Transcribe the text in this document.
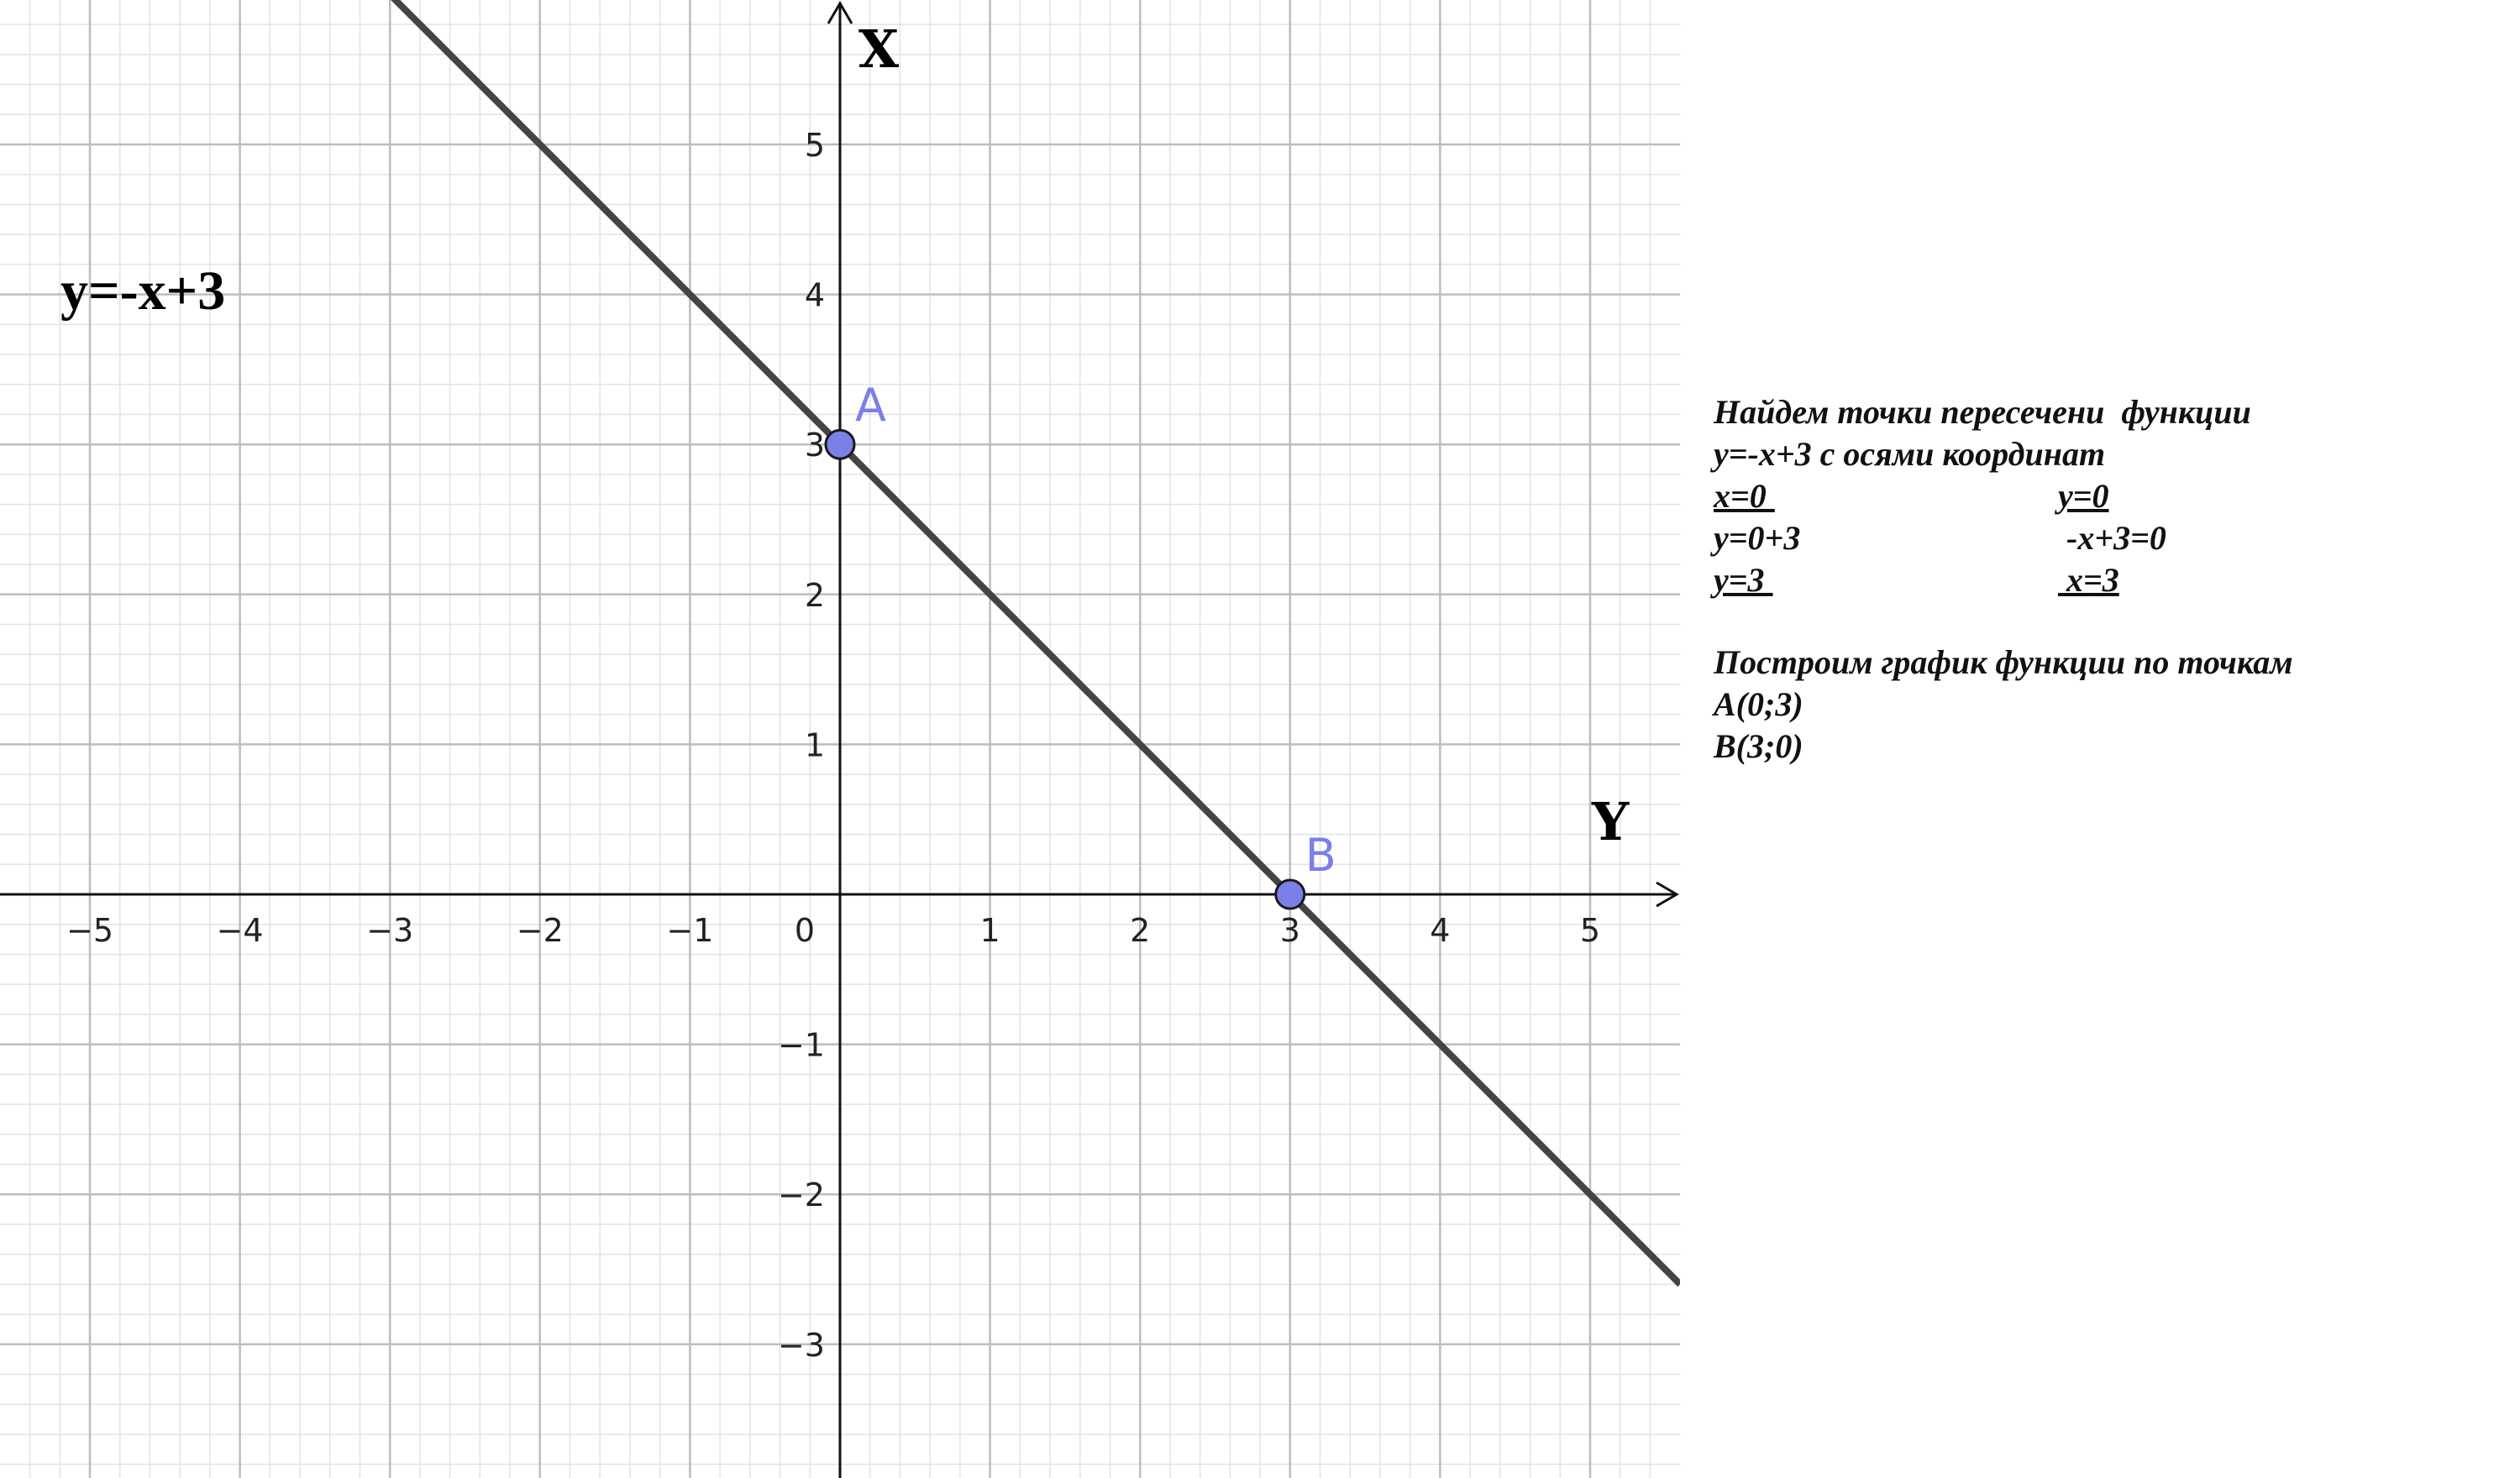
−5	−4	−3	−2	−1	0	1	2	3	4	5
−3
−2
−1
1
2
3
4
5
A
B
X
Y
y=-x+3
Найдем точки пересечени  функции
у=-х+3 с осями координат

х=0

	у=0

у=0+3

	-х+3=0

у=3

	х=3

Построим график функции по точкам
А(0;3)
В(3;0)
